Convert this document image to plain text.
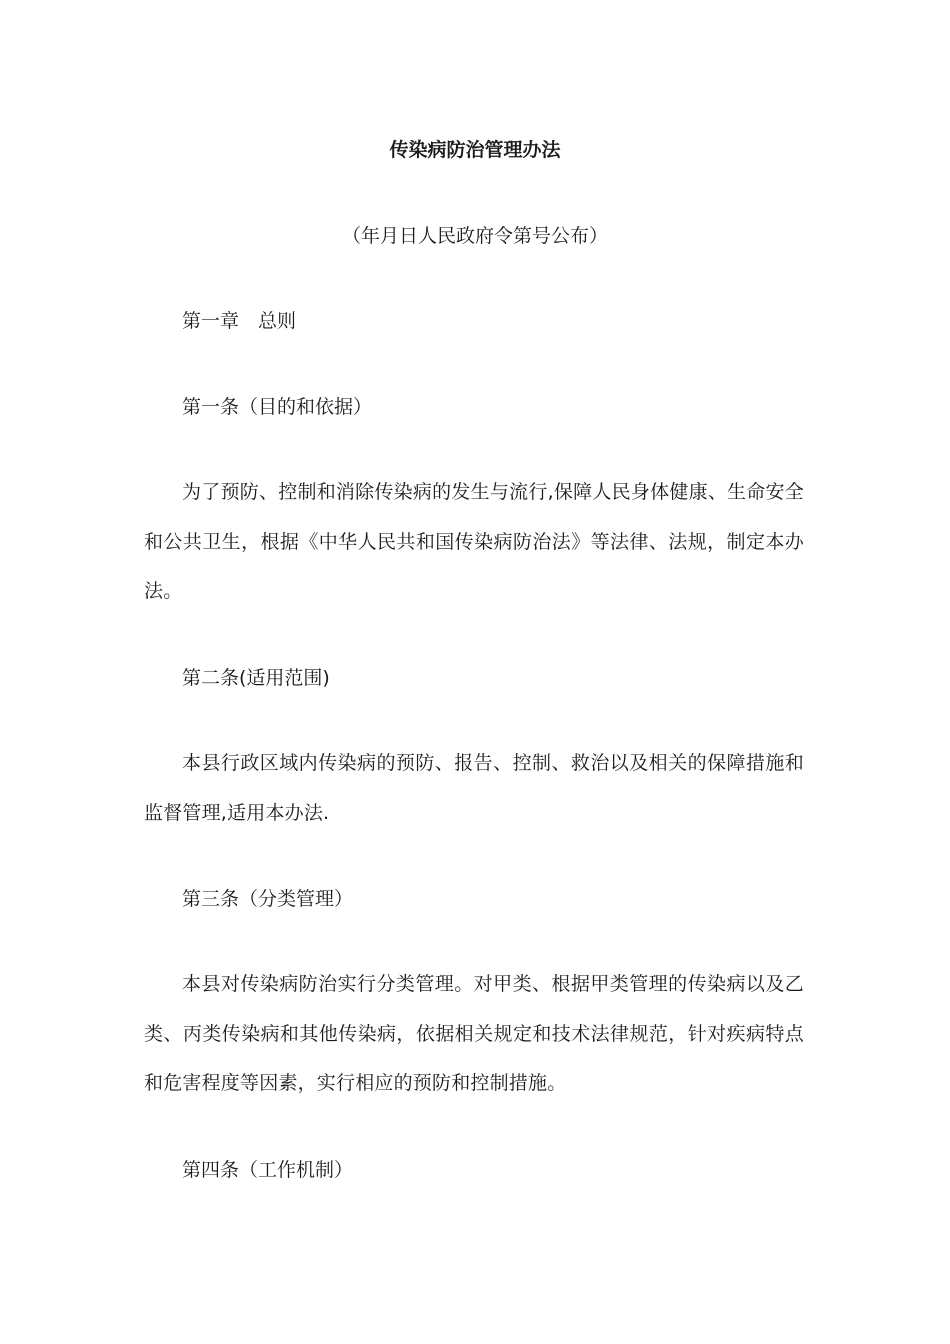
传染病防治管理办法
（年月日人民政府令第号公布）
第一章　总则
第一条（目的和依据）
为了预防、控制和消除传染病的发生与流行,保障人民身体健康、生命安全和公共卫生，根据《中华人民共和国传染病防治法》等法律、法规，制定本办法。
第二条(适用范围)
本县行政区域内传染病的预防、报告、控制、救治以及相关的保障措施和监督管理,适用本办法.
第三条（分类管理）
本县对传染病防治实行分类管理。对甲类、根据甲类管理的传染病以及乙类、丙类传染病和其他传染病，依据相关规定和技术法律规范，针对疾病特点和危害程度等因素，实行相应的预防和控制措施。
第四条（工作机制）
